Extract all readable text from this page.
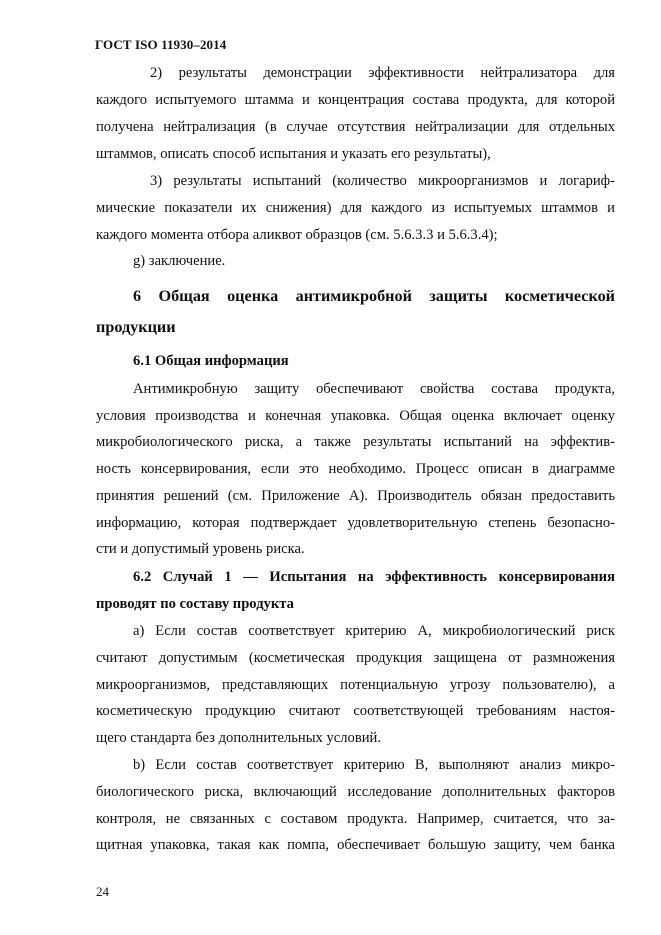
ГОСТ ISO 11930–2014
2) результаты демонстрации эффективности нейтрализатора для
каждого испытуемого штамма и концентрация состава продукта, для которой
получена нейтрализация (в случае отсутствия нейтрализации для отдельных
штаммов, описать способ испытания и указать его результаты),
3) результаты испытаний (количество микроорганизмов и логариф-
мические показатели их снижения) для каждого из испытуемых штаммов и
каждого момента отбора аликвот образцов (см. 5.6.3.3 и 5.6.3.4);
g) заключение.
6 Общая оценка антимикробной защиты косметической
продукции
6.1 Общая информация
Антимикробную защиту обеспечивают свойства состава продукта,
условия производства и конечная упаковка. Общая оценка включает оценку
микробиологического риска, а также результаты испытаний на эффектив-
ность консервирования, если это необходимо. Процесс описан в диаграмме
принятия решений (см. Приложение А). Производитель обязан предоставить
информацию, которая подтверждает удовлетворительную степень безопасно-
сти и допустимый уровень риска.
6.2 Случай 1 — Испытания на эффективность консервирования
проводят по составу продукта
а) Если состав соответствует критерию А, микробиологический риск
считают допустимым (косметическая продукция защищена от размножения
микроорганизмов, представляющих потенциальную угрозу пользователю), а
косметическую продукцию считают соответствующей требованиям настоя-
щего стандарта без дополнительных условий.
b) Если состав соответствует критерию В, выполняют анализ микро-
биологического риска, включающий исследование дополнительных факторов
контроля, не связанных с составом продукта. Например, считается, что за-
щитная упаковка, такая как помпа, обеспечивает большую защиту, чем банка
24
